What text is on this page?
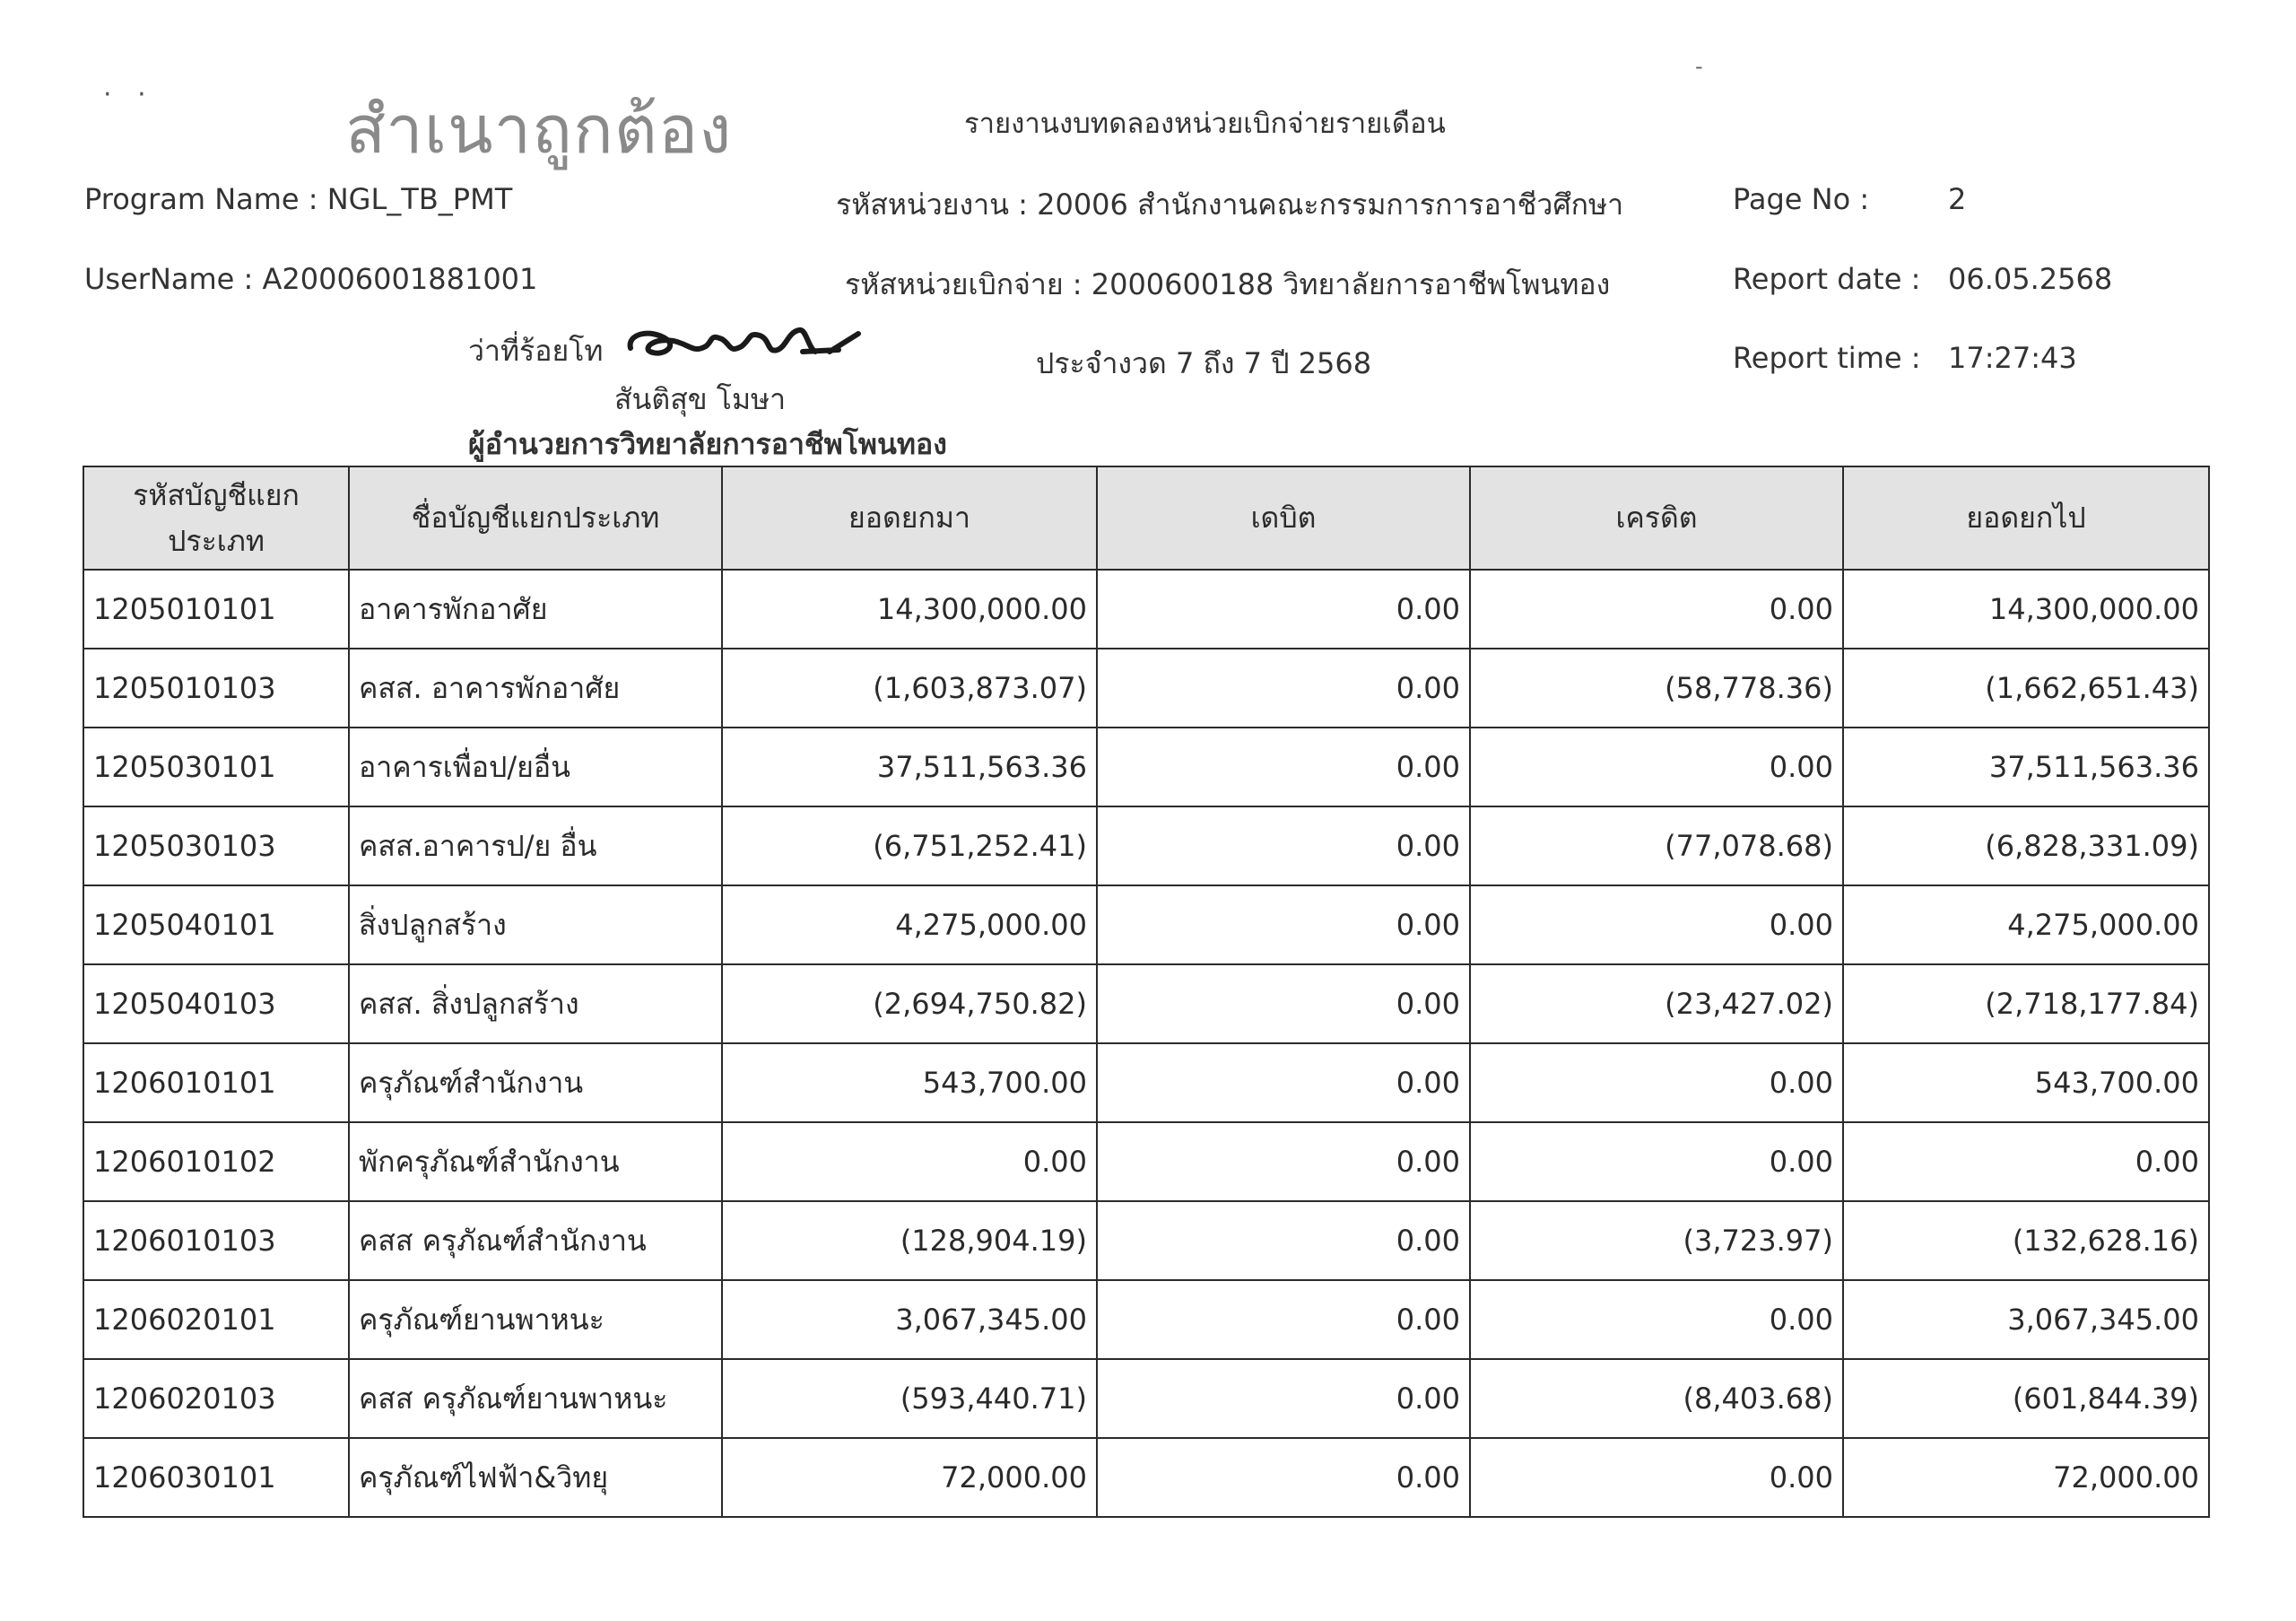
·   ·
-
สำเนาถูกต้อง	รายงานงบทดลองหน่วยเบิกจ่ายรายเดือน
Program Name : NGL_TB_PMT
UserName : A20006001881001
รหัสหน่วยงาน : 20006 สำนักงานคณะกรรมการการอาชีวศึกษา
รหัสหน่วยเบิกจ่าย : 2000600188 วิทยาลัยการอาชีพโพนทอง
ประจำงวด 7 ถึง 7 ปี 2568
Page No :	2
Report date : 06.05.2568
Report time : 17:27:43
ว่าที่ร้อยโท
สันติสุข โมษา
ผู้อำนวยการวิทยาลัยการอาชีพโพนทอง
รหัสบัญชีแยกประเภท	ชื่อบัญชีแยกประเภท	ยอดยกมา	เดบิต	เครดิต	ยอดยกไป
1205010101	อาคารพักอาศัย	14,300,000.00	0.00	0.00	14,300,000.00
1205010103	คสส. อาคารพักอาศัย	(1,603,873.07)	0.00	(58,778.36)	(1,662,651.43)
1205030101	อาคารเพื่อป/ยอื่น	37,511,563.36	0.00	0.00	37,511,563.36
1205030103	คสส.อาคารป/ย อื่น	(6,751,252.41)	0.00	(77,078.68)	(6,828,331.09)
1205040101	สิ่งปลูกสร้าง	4,275,000.00	0.00	0.00	4,275,000.00
1205040103	คสส. สิ่งปลูกสร้าง	(2,694,750.82)	0.00	(23,427.02)	(2,718,177.84)
1206010101	ครุภัณฑ์สำนักงาน	543,700.00	0.00	0.00	543,700.00
1206010102	พักครุภัณฑ์สำนักงาน	0.00	0.00	0.00	0.00
1206010103	คสส ครุภัณฑ์สำนักงาน	(128,904.19)	0.00	(3,723.97)	(132,628.16)
1206020101	ครุภัณฑ์ยานพาหนะ	3,067,345.00	0.00	0.00	3,067,345.00
1206020103	คสส ครุภัณฑ์ยานพาหนะ	(593,440.71)	0.00	(8,403.68)	(601,844.39)
1206030101	ครุภัณฑ์ไฟฟ้า&วิทยุ	72,000.00	0.00	0.00	72,000.00
